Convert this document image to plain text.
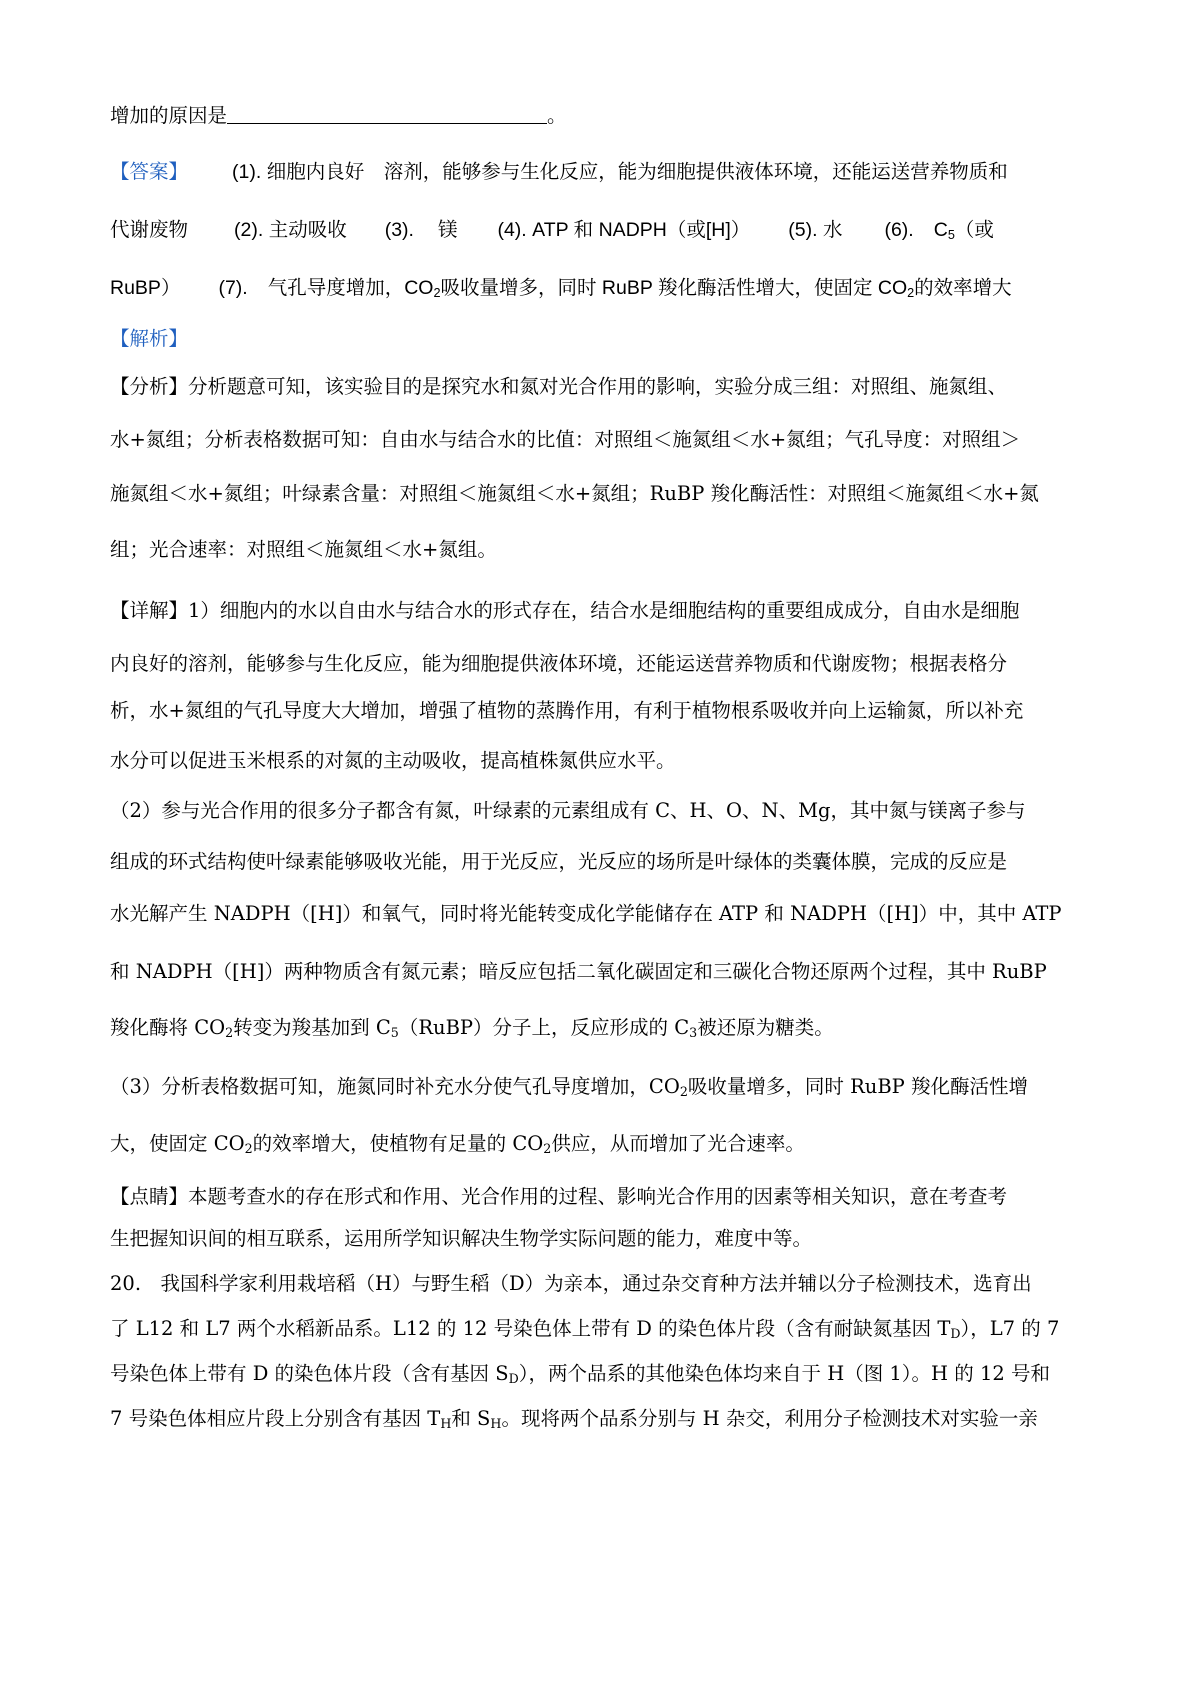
增加的原因是	。
【答案】 (1). 细胞内良好　溶剂，能够参与生化反应，能为细胞提供液体环境，还能运送营养物质和
代谢废物 (2). 主动吸收 (3). 镁 (4). ATP 和 NADPH（或[H]） (5). 水 (6). $C_5$（或
RuBP） (7). 气孔导度增加，$CO_2$吸收量增多，同时 RuBP 羧化酶活性增大，使固定 $CO_2$的效率增大
【解析】
【分析】分析题意可知，该实验目的是探究水和氮对光合作用的影响，实验分成三组：对照组、施氮组、
水+氮组；分析表格数据可知：自由水与结合水的比值：对照组＜施氮组＜水+氮组；气孔导度：对照组＞
施氮组＜水+氮组；叶绿素含量：对照组＜施氮组＜水+氮组；RuBP 羧化酶活性：对照组＜施氮组＜水+氮
组；光合速率：对照组＜施氮组＜水+氮组。
【详解】1）细胞内的水以自由水与结合水的形式存在，结合水是细胞结构的重要组成成分，自由水是细胞
内良好的溶剂，能够参与生化反应，能为细胞提供液体环境，还能运送营养物质和代谢废物；根据表格分
析，水+氮组的气孔导度大大增加，增强了植物的蒸腾作用，有利于植物根系吸收并向上运输氮，所以补充
水分可以促进玉米根系的对氮的主动吸收，提高植株氮供应水平。
（2）参与光合作用的很多分子都含有氮，叶绿素的元素组成有 C、H、O、N、Mg，其中氮与镁离子参与
组成的环式结构使叶绿素能够吸收光能，用于光反应，光反应的场所是叶绿体的类囊体膜，完成的反应是
水光解产生 NADPH（[H]）和氧气，同时将光能转变成化学能储存在 ATP 和 NADPH（[H]）中，其中 ATP
和 NADPH（[H]）两种物质含有氮元素；暗反应包括二氧化碳固定和三碳化合物还原两个过程，其中 RuBP
羧化酶将 $CO_2$转变为羧基加到 $C_5(RuBP)$分子上，反应形成的 $C_3$被还原为糖类。
（3）分析表格数据可知，施氮同时补充水分使气孔导度增加，$CO_2$吸收量增多，同时 RuBP 羧化酶活性增
大，使固定 $CO_2$的效率增大，使植物有足量的 $CO_2$供应，从而增加了光合速率。
【点睛】本题考查水的存在形式和作用、光合作用的过程、影响光合作用的因素等相关知识，意在考查考
生把握知识间的相互联系，运用所学知识解决生物学实际问题的能力，难度中等。
20.　我国科学家利用栽培稻（H）与野生稻（D）为亲本，通过杂交育种方法并辅以分子检测技术，选育出
了 L12 和 L7 两个水稻新品系。L12 的 12 号染色体上带有 D 的染色体片段（含有耐缺氮基因 $T_D$），L7 的 7
号染色体上带有 D 的染色体片段（含有基因 $S_D$），两个品系的其他染色体均来自于 H（图 1）。H 的 12 号和
7 号染色体相应片段上分别含有基因 $T_H$和 $S_H$。现将两个品系分别与 H 杂交，利用分子检测技术对实验一亲
